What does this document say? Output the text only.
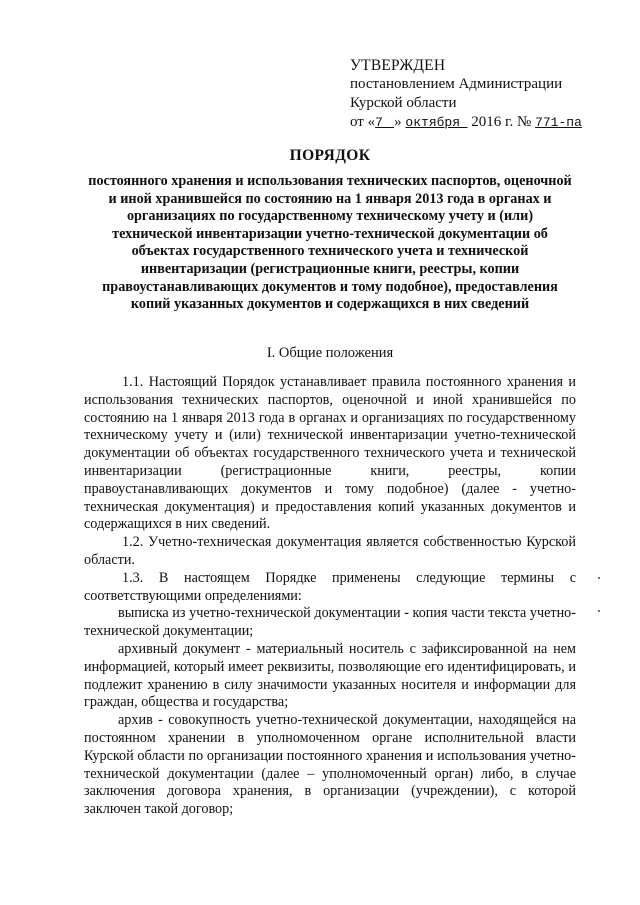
УТВЕРЖДЕН
постановлением Администрации
Курской области
от «7 » октября   2016 г. № 771-па
ПОРЯДОК
постоянного хранения и использования технических паспортов, оценочной и иной хранившейся по состоянию на 1 января 2013 года в органах и организациях по государственному техническому учету и (или) технической инвентаризации учетно-технической документации об объектах государственного технического учета и технической инвентаризации (регистрационные книги, реестры, копии правоустанавливающих документов и тому подобное), предоставления копий указанных документов и содержащихся в них сведений
I. Общие положения

1.1. Настоящий Порядок устанавливает правила постоянного хранения и использования технических паспортов, оценочной и иной хранившейся по состоянию на 1 января 2013 года в органах и организациях по государственному техническому учету и (или) технической инвентаризации учетно-технической документации об объектах государственного технического учета и технической инвентаризации (регистрационные книги, реестры, копии правоустанавливающих документов и тому подобное) (далее - учетно-техническая документация) и предоставления копий указанных документов и содержащихся в них сведений.

1.2. Учетно-техническая документация является собственностью Курской области.

1.3. В настоящем Порядке применены следующие термины с соответствующими определениями:

выписка из учетно-технической документации - копия части текста учетно-технической документации;

архивный документ - материальный носитель с зафиксированной на нем информацией, который имеет реквизиты, позволяющие его идентифицировать, и подлежит хранению в силу значимости указанных носителя и информации для граждан, общества и государства;

архив - совокупность учетно-технической документации, находящейся на постоянном хранении в уполномоченном органе исполнительной власти Курской области по организации постоянного хранения и использования учетно-технической документации (далее – уполномоченный орган) либо, в случае заключения договора хранения, в организации (учреждении), с которой заключен такой договор;
